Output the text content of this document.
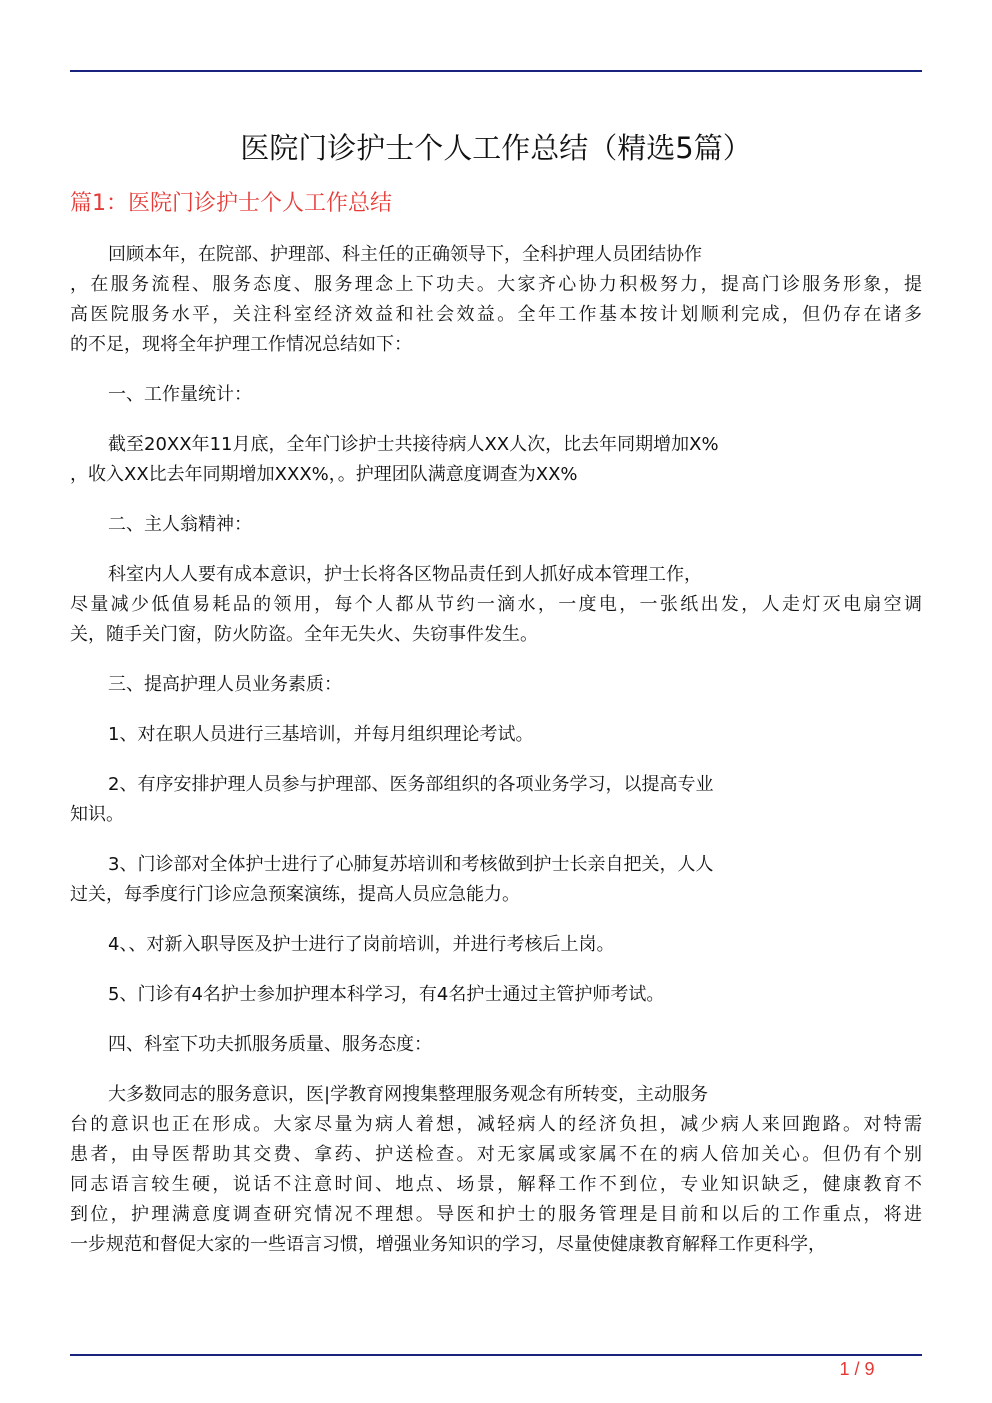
医院门诊护士个人工作总结（精选5篇）
篇1：医院门诊护士个人工作总结
回顾本年，在院部、护理部、科主任的正确领导下，全科护理人员团结协作
，在服务流程、服务态度、服务理念上下功夫。大家齐心协力积极努力，提高门诊服务形象，提
高医院服务水平，关注科室经济效益和社会效益。全年工作基本按计划顺利完成，但仍存在诸多
的不足，现将全年护理工作情况总结如下：
一、工作量统计：
截至20XX年11月底，全年门诊护士共接待病人XX人次，比去年同期增加X%
，收入XX比去年同期增加XXX%，。护理团队满意度调查为XX%
二、主人翁精神：
科室内人人要有成本意识，护士长将各区物品责任到人抓好成本管理工作，
尽量减少低值易耗品的领用，每个人都从节约一滴水，一度电，一张纸出发，人走灯灭电扇空调
关，随手关门窗，防火防盗。全年无失火、失窃事件发生。
三、提高护理人员业务素质：
1、对在职人员进行三基培训，并每月组织理论考试。
2、有序安排护理人员参与护理部、医务部组织的各项业务学习，以提高专业
知识。
3、门诊部对全体护士进行了心肺复苏培训和考核做到护士长亲自把关，人人
过关，每季度行门诊应急预案演练，提高人员应急能力。
4、、对新入职导医及护士进行了岗前培训，并进行考核后上岗。
5、门诊有4名护士参加护理本科学习，有4名护士通过主管护师考试。
四、科室下功夫抓服务质量、服务态度：
大多数同志的服务意识，医|学教育网搜集整理服务观念有所转变，主动服务
台的意识也正在形成。大家尽量为病人着想，减轻病人的经济负担，减少病人来回跑路。对特需
患者，由导医帮助其交费、拿药、护送检查。对无家属或家属不在的病人倍加关心。但仍有个别
同志语言较生硬，说话不注意时间、地点、场景，解释工作不到位，专业知识缺乏，健康教育不
到位，护理满意度调查研究情况不理想。导医和护士的服务管理是目前和以后的工作重点，将进
一步规范和督促大家的一些语言习惯，增强业务知识的学习，尽量使健康教育解释工作更科学，
1 / 9
